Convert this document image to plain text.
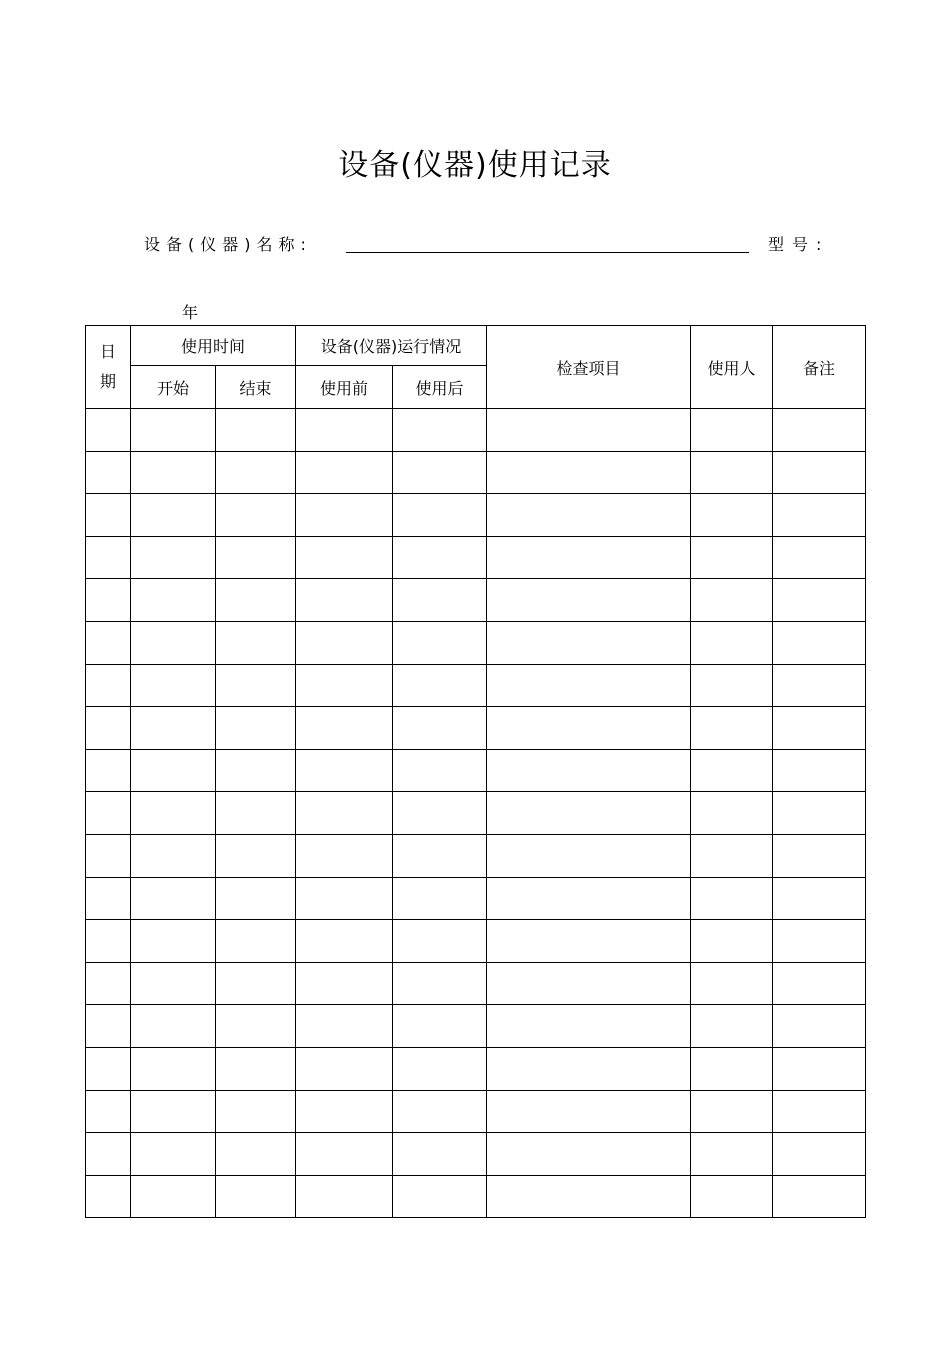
设备(仪器)使用记录
设备(仪器)名称:	型号:
年
日
期	使用时间		设备(仪器)运行情况		检查项目	使用人	备注
	开始	结束	使用前	使用后			
